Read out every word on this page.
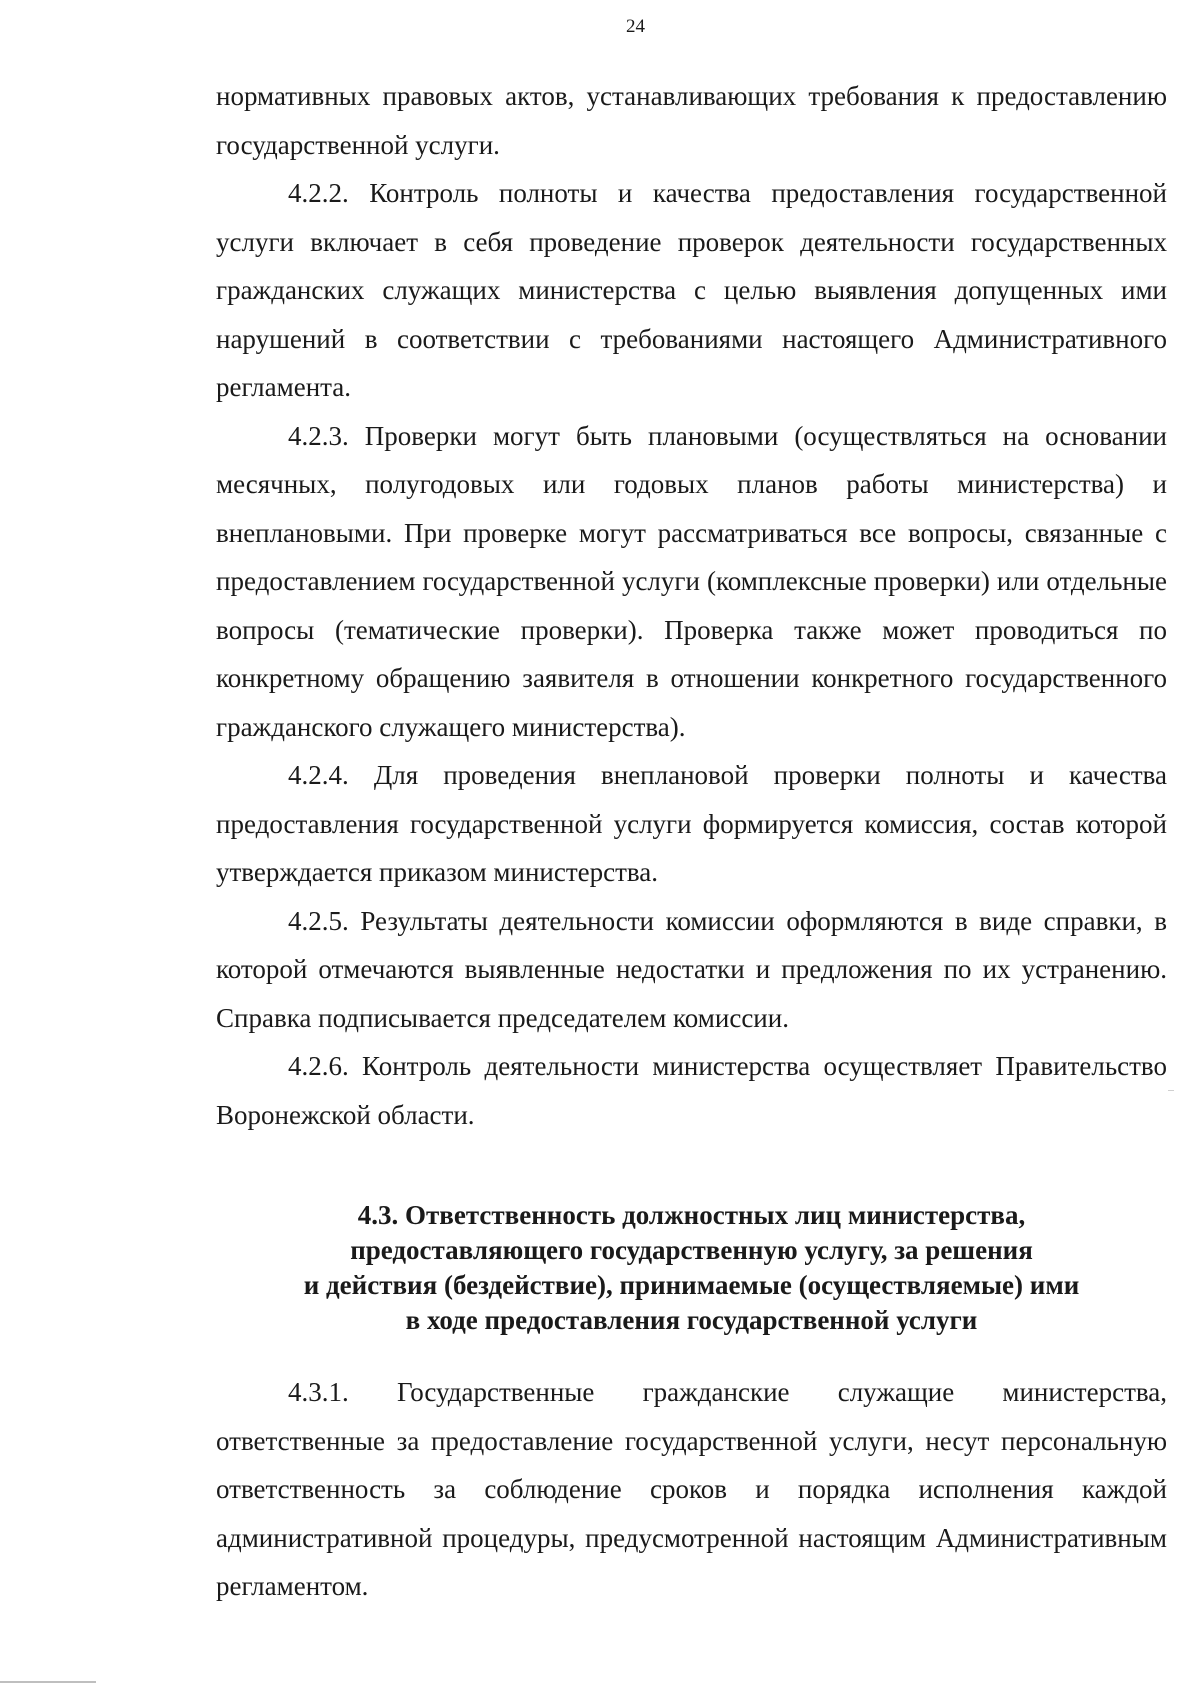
24

нормативных правовых актов, устанавливающих требования к предоставлению государственной услуги.

4.2.2. Контроль полноты и качества предоставления государственной услуги включает в себя проведение проверок деятельности государственных гражданских служащих министерства с целью выявления допущенных ими нарушений в соответствии с требованиями настоящего Административного регламента.

4.2.3. Проверки могут быть плановыми (осуществляться на основании месячных, полугодовых или годовых планов работы министерства) и внеплановыми. При проверке могут рассматриваться все вопросы, связанные с предоставлением государственной услуги (комплексные проверки) или отдельные вопросы (тематические проверки). Проверка также может проводиться по конкретному обращению заявителя в отношении конкретного государственного гражданского служащего министерства).

4.2.4. Для проведения внеплановой проверки полноты и качества предоставления государственной услуги формируется комиссия, состав которой утверждается приказом министерства.

4.2.5. Результаты деятельности комиссии оформляются в виде справки, в которой отмечаются выявленные недостатки и предложения по их устранению. Справка подписывается председателем комиссии.

4.2.6. Контроль деятельности министерства осуществляет Правительство Воронежской области.

4.3. Ответственность должностных лиц министерства,
предоставляющего государственную услугу, за решения
и действия (бездействие), принимаемые (осуществляемые) ими
в ходе предоставления государственной услуги

4.3.1. Государственные гражданские служащие министерства, ответственные за предоставление государственной услуги, несут персональную ответственность за соблюдение сроков и порядка исполнения каждой административной процедуры, предусмотренной настоящим Административным регламентом.
